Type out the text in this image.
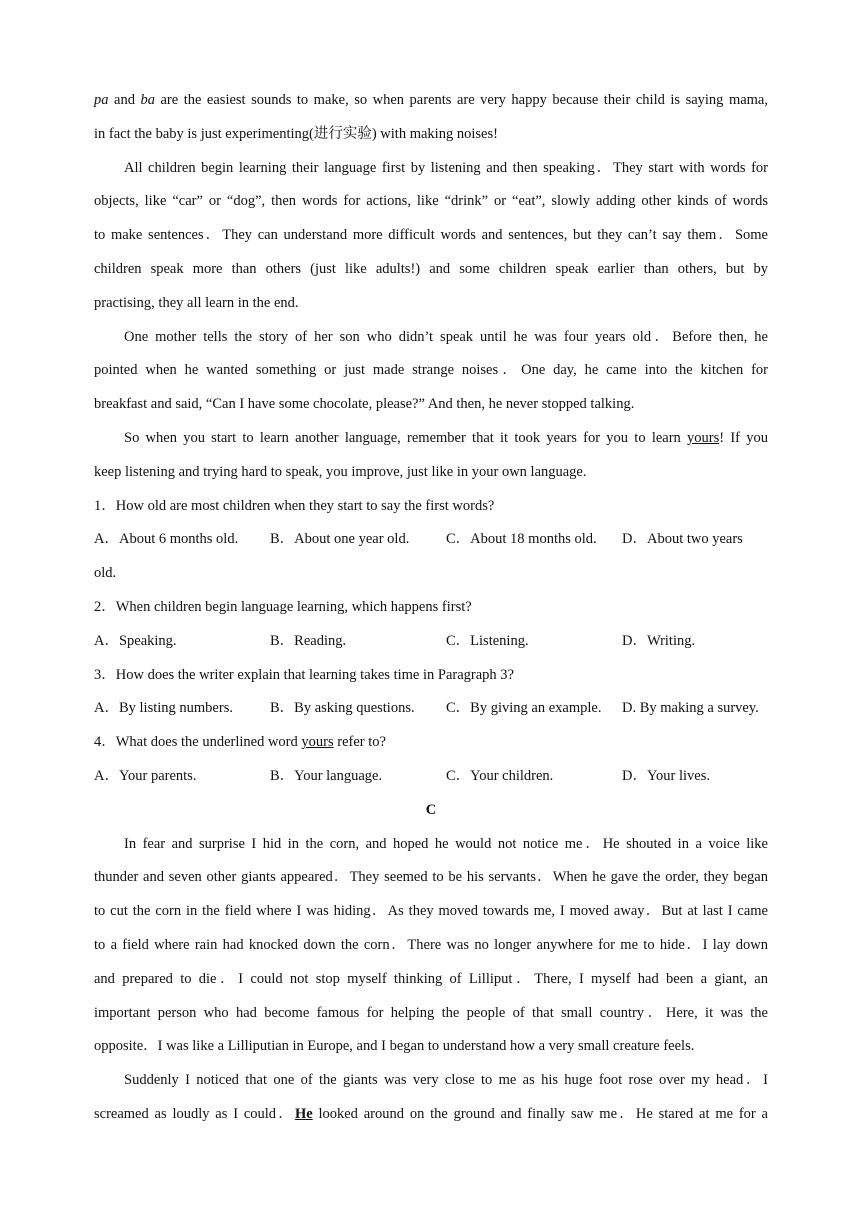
pa and ba are the easiest sounds to make, so when parents are very happy because their child is saying mama,
in fact the baby is just experimenting(进行实验) with making noises!
All children begin learning their language first by listening and then speaking．They start with words for
objects, like “car” or “dog”, then words for actions, like “drink” or “eat”, slowly adding other kinds of words
to make sentences．They can understand more difficult words and sentences, but they can’t say them．Some
children speak more than others (just like adults!) and some children speak earlier than others, but by
practising, they all learn in the end.
One mother tells the story of her son who didn’t speak until he was four years old．Before then, he
pointed when he wanted something or just made strange noises．One day, he came into the kitchen for
breakfast and said, “Can I have some chocolate, please?” And then, he never stopped talking.
So when you start to learn another language, remember that it took years for you to learn yours! If you
keep listening and trying hard to speak, you improve, just like in your own language.
1．How old are most children when they start to say the first words?
A．About 6 months old.	B．About one year old.	C．About 18 months old.	D．About two years
old.
2．When children begin language learning, which happens first?
A．Speaking.	B．Reading.	C．Listening.	D．Writing.
3．How does the writer explain that learning takes time in Paragraph 3?
A．By listing numbers.	B．By asking questions.	C．By giving an example.	D. By making a survey.
4．What does the underlined word yours refer to?
A．Your parents.	B．Your language.	C．Your children.	D．Your lives.
C
In fear and surprise I hid in the corn, and hoped he would not notice me．He shouted in a voice like
thunder and seven other giants appeared．They seemed to be his servants．When he gave the order, they began
to cut the corn in the field where I was hiding．As they moved towards me, I moved away．But at last I came
to a field where rain had knocked down the corn．There was no longer anywhere for me to hide．I lay down
and prepared to die．I could not stop myself thinking of Lilliput．There, I myself had been a giant, an
important person who had become famous for helping the people of that small country．Here, it was the
opposite．I was like a Lilliputian in Europe, and I began to understand how a very small creature feels.
Suddenly I noticed that one of the giants was very close to me as his huge foot rose over my head．I
screamed as loudly as I could．He looked around on the ground and finally saw me．He stared at me for a
